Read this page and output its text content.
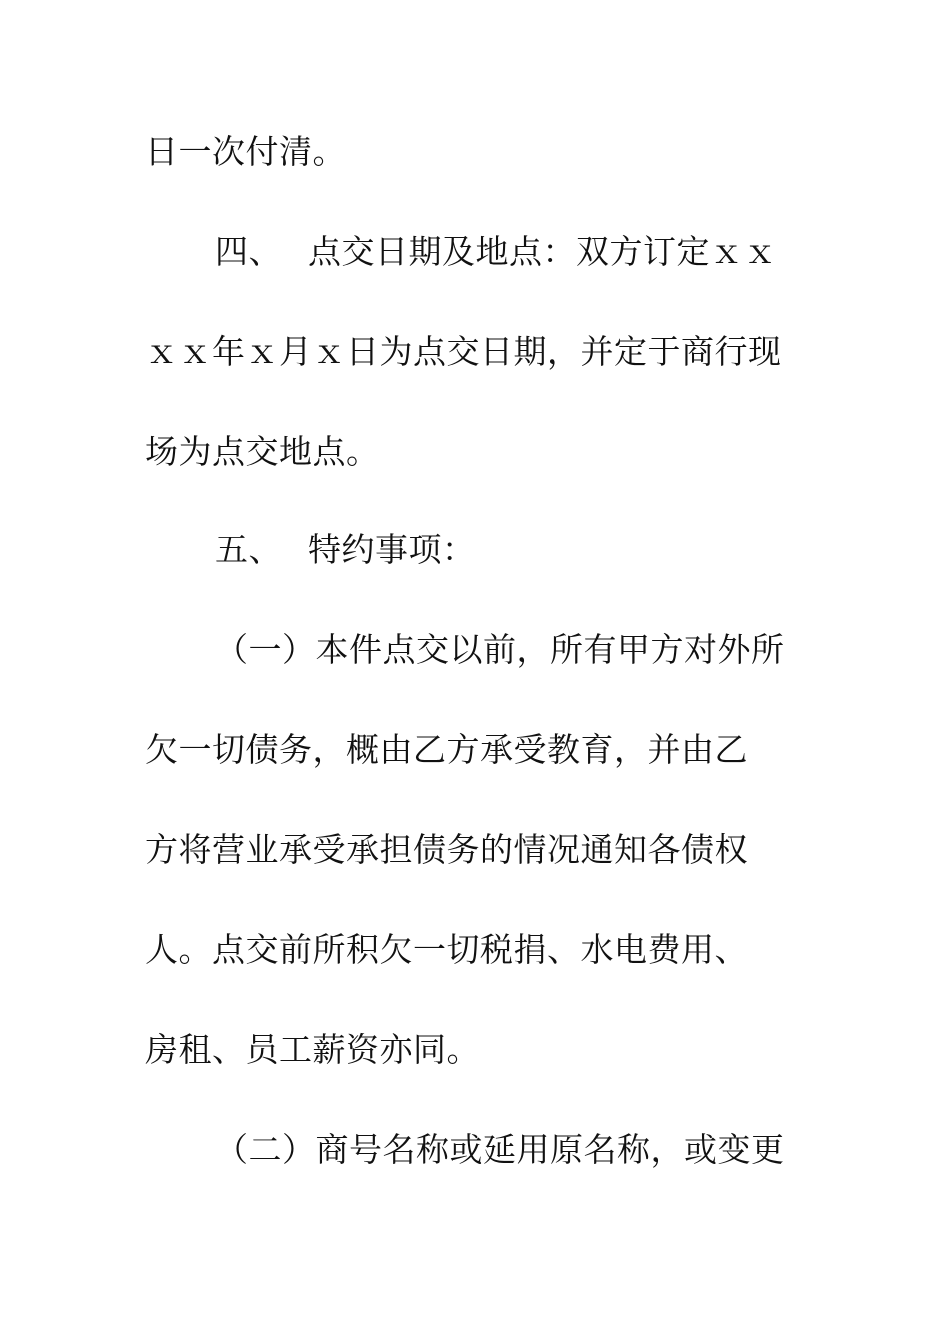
日一次付清。
四、 点交日期及地点：双方订定ｘｘ
ｘｘ年ｘ月ｘ日为点交日期，并定于商行现
场为点交地点。
五、 特约事项：
（一）本件点交以前，所有甲方对外所
欠一切债务，概由乙方承受教育，并由乙
方将营业承受承担债务的情况通知各债权
人。点交前所积欠一切税捐、水电费用、
房租、员工薪资亦同。
（二）商号名称或延用原名称，或变更
